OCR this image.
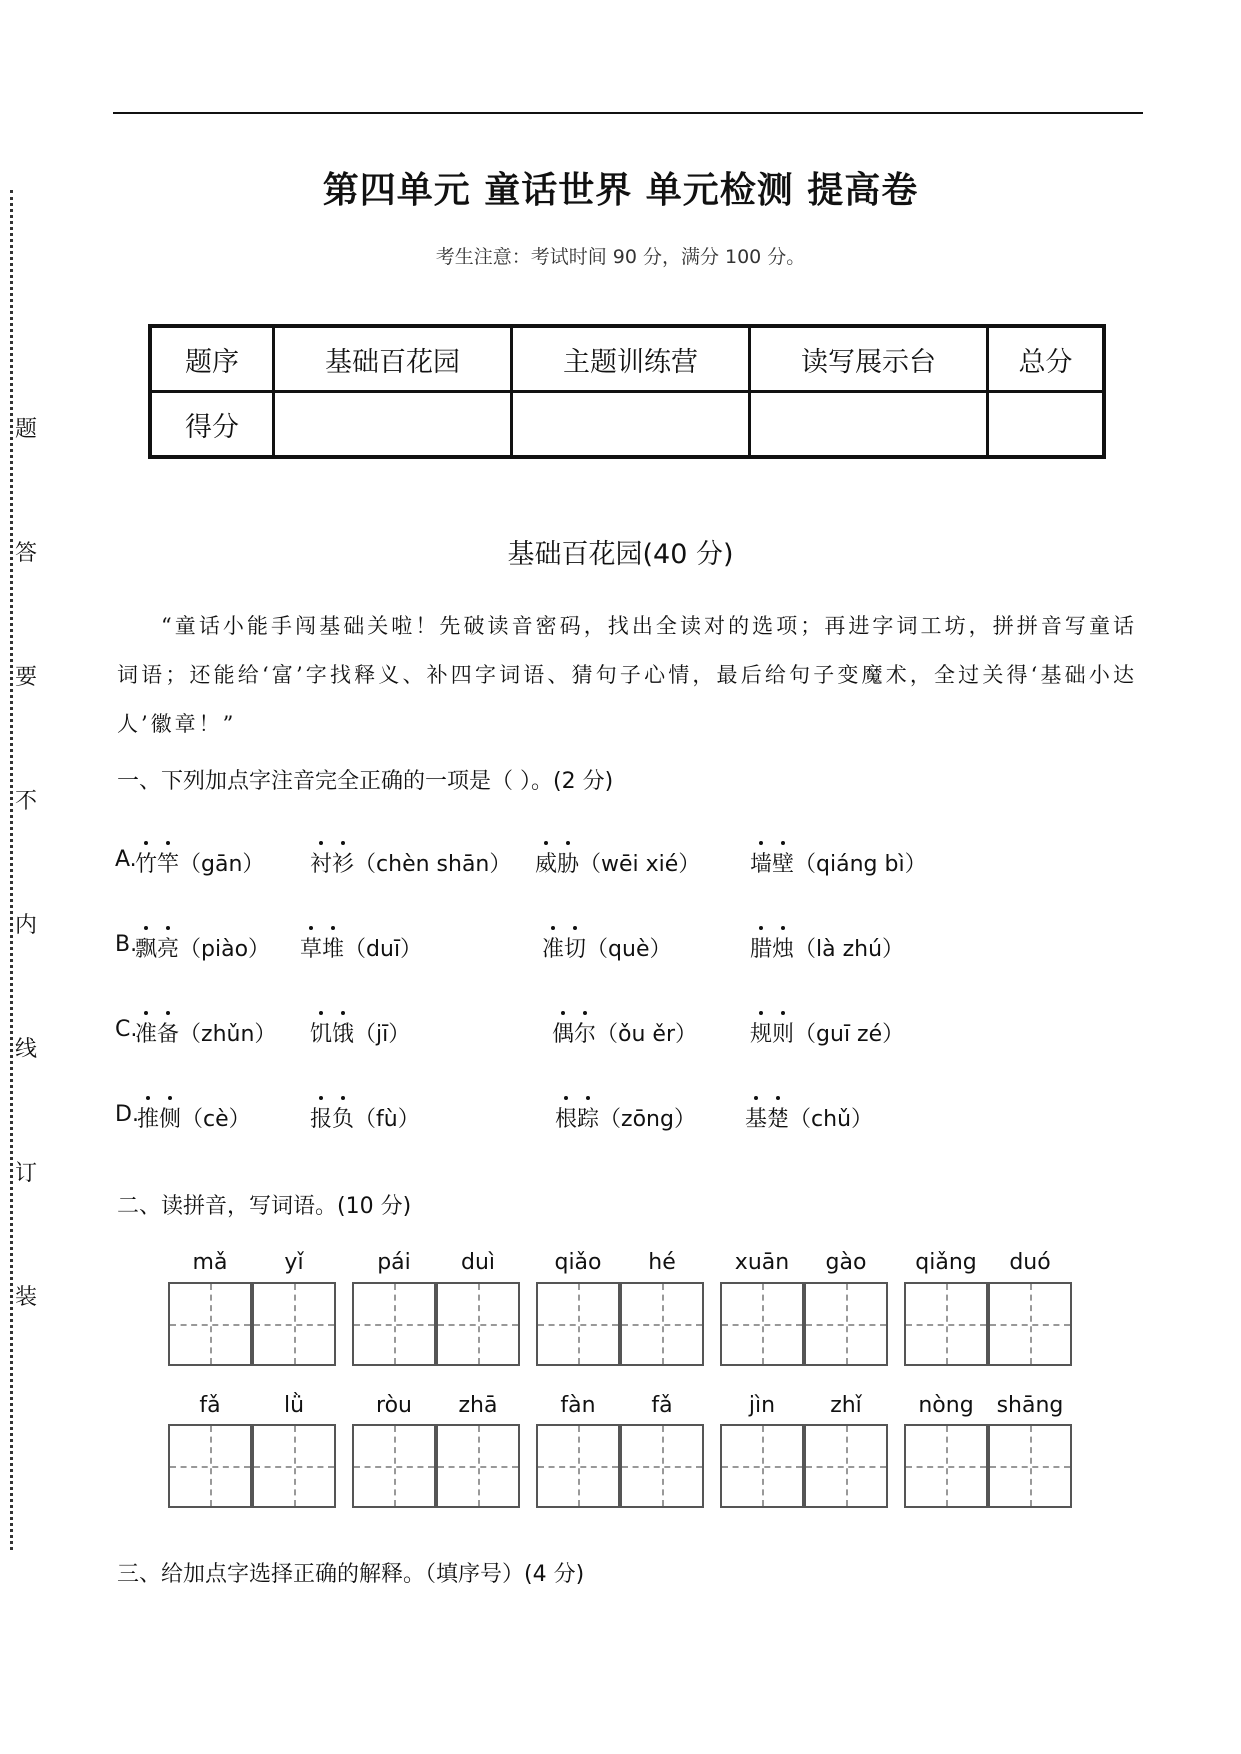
题
答
要
不
内
线
订
装
第四单元 童话世界 单元检测 提高卷
考生注意：考试时间 90 分，满分 100 分。
题序	基础百花园	主题训练营	读写展示台	总分
得分				
基础百花园(40 分)
“童话小能手闯基础关啦！先破读音密码，找出全读对的选项；再进字词工坊，拼拼音写童话词语；还能给‘富’字找释义、补四字词语、猜句子心情，最后给句子变魔术，全过关得‘基础小达人’徽章！”
一、下列加点字注音完全正确的一项是（ ）。(2 分)
A.
竹竿（gān） 衬衫（chèn shān） 威胁（wēi xié） 墙壁（qiáng bì）
B.
飘亮（piào） 草堆（duī）	准切（què）	腊烛（là zhú）
C.
准备（zhǔn） 饥饿（jī）	偶尔（ǒu ěr） 规则（guī zé）
D.
推侧（cè）	报负（fù）	根踪（zōng） 基楚（chǔ）
二、读拼音，写词语。(10 分)
mǎ	yǐ	pái	duì	qiǎo	hé	xuān	gào	qiǎng	duó
fǎ	lǜ	ròu	zhā	fàn	fǎ	jìn	zhǐ	nòng	shāng
三、给加点字选择正确的解释。（填序号）(4 分)
